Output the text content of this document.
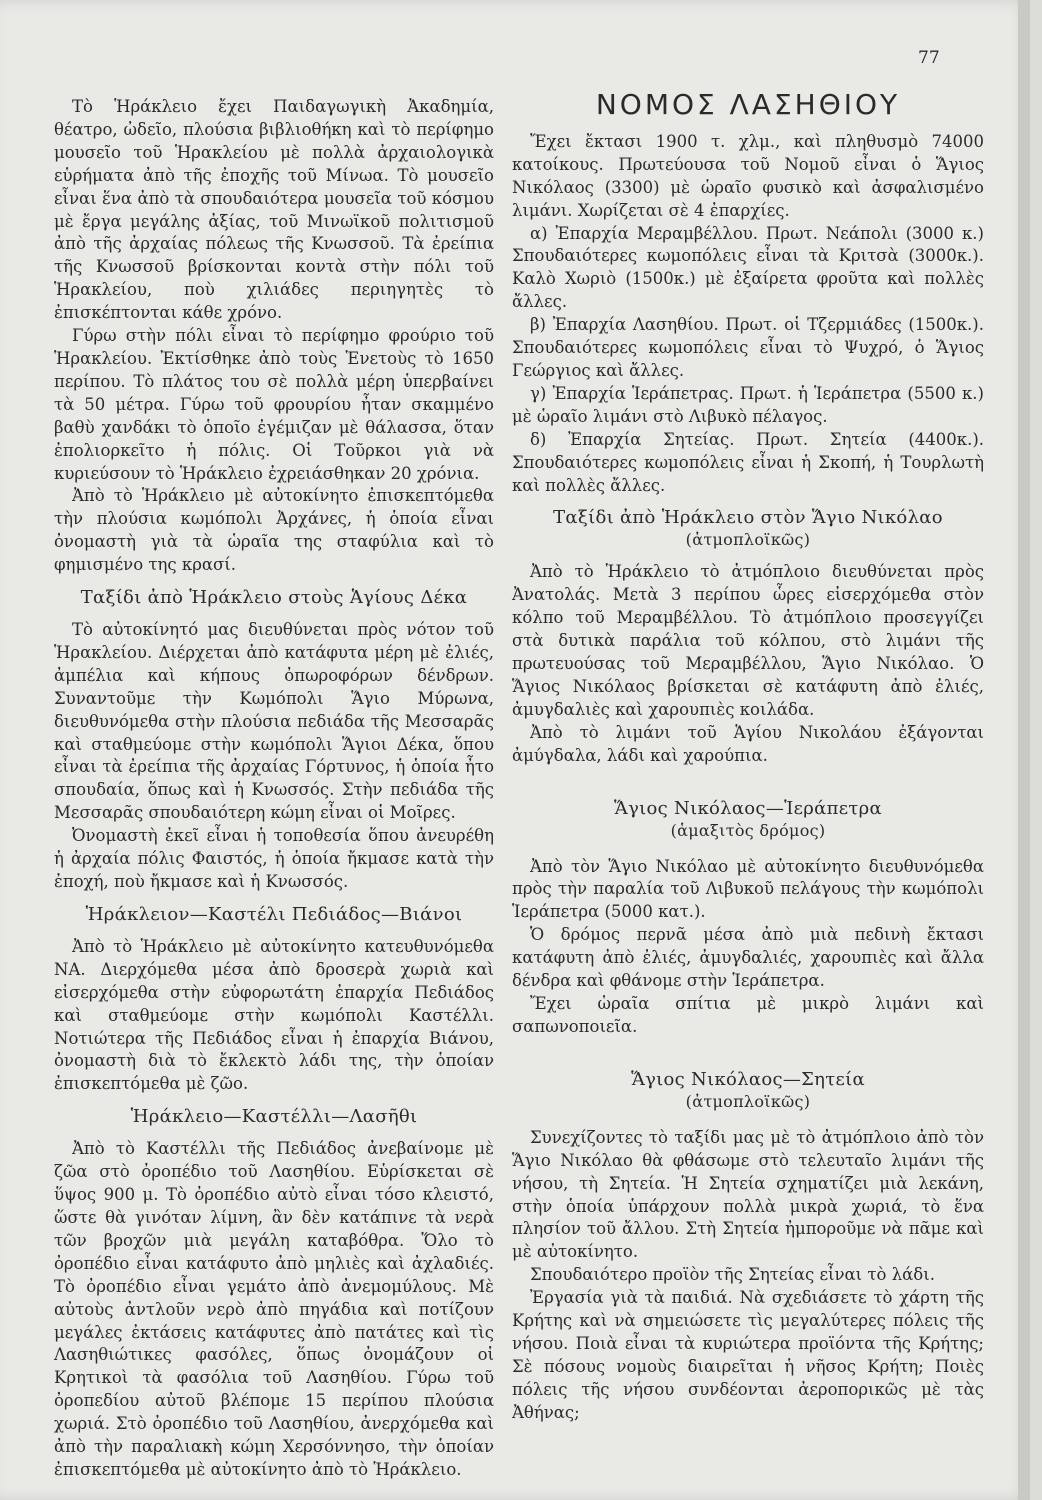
77

Τὸ Ἡράκλειο ἔχει Παιδαγωγικὴ Ἀκαδημία, θέατρο, ὠδεῖο, πλούσια βιβλιοθήκη καὶ τὸ περίφημο μουσεῖο τοῦ Ἡρακλείου μὲ πολλὰ ἀρχαιολογικὰ εὑρήματα ἀπὸ τῆς ἐποχῆς τοῦ Μίνωα. Τὸ μουσεῖο εἶναι ἕνα ἀπὸ τὰ σπουδαιότερα μουσεῖα τοῦ κόσμου μὲ ἔργα μεγάλης ἀξίας, τοῦ Μινωϊκοῦ πολιτισμοῦ ἀπὸ τῆς ἀρχαίας πόλεως τῆς Κνωσσοῦ. Τὰ ἐρείπια τῆς Κνωσσοῦ βρίσκονται κοντὰ στὴν πόλι τοῦ Ἡρακλείου, ποὺ χιλιάδες περιηγητὲς τὸ ἐπισκέπτονται κάθε χρόνο.

Γύρω στὴν πόλι εἶναι τὸ περίφημο φρούριο τοῦ Ἡρακλείου. Ἐκτίσθηκε ἀπὸ τοὺς Ἑνετοὺς τὸ 1650 περίπου. Τὸ πλάτος του σὲ πολλὰ μέρη ὑπερβαίνει τὰ 50 μέτρα. Γύρω τοῦ φρουρίου ἦταν σκαμμένο βαθὺ χανδάκι τὸ ὁποῖο ἐγέμιζαν μὲ θάλασσα, ὅταν ἐπολιορκεῖτο ἡ πόλις. Οἱ Τοῦρκοι γιὰ νὰ κυριεύσουν τὸ Ἡράκλειο ἐχρειάσθηκαν 20 χρόνια.

Ἀπὸ τὸ Ἡράκλειο μὲ αὐτοκίνητο ἐπισκεπτόμεθα τὴν πλούσια κωμόπολι Ἀρχάνες, ἡ ὁποία εἶναι ὀνομαστὴ γιὰ τὰ ὡραῖα της σταφύλια καὶ τὸ φημισμένο της κρασί.

Ταξίδι ἀπὸ Ἡράκλειο στοὺς Ἁγίους Δέκα

Τὸ αὐτοκίνητό μας διευθύνεται πρὸς νότον τοῦ Ἡρακλείου. Διέρχεται ἀπὸ κατάφυτα μέρη μὲ ἐλιές, ἀμπέλια καὶ κήπους ὀπωροφόρων δένδρων. Συναντοῦμε τὴν Κωμόπολι Ἅγιο Μύρωνα, διευθυνόμεθα στὴν πλούσια πεδιάδα τῆς Μεσσαρᾶς καὶ σταθμεύομε στὴν κωμόπολι Ἅγιοι Δέκα, ὅπου εἶναι τὰ ἐρείπια τῆς ἀρχαίας Γόρτυνος, ἡ ὁποία ἦτο σπουδαία, ὅπως καὶ ἡ Κνωσσός. Στὴν πεδιάδα τῆς Μεσσαρᾶς σπουδαιότερη κώμη εἶναι οἱ Μοῖρες.

Ὀνομαστὴ ἐκεῖ εἶναι ἡ τοποθεσία ὅπου ἀνευρέθη ἡ ἀρχαία πόλις Φαιστός, ἡ ὁποία ἤκμασε κατὰ τὴν ἐποχή, ποὺ ἤκμασε καὶ ἡ Κνωσσός.

Ἡράκλειον—Καστέλι Πεδιάδος—Βιάνοι

Ἀπὸ τὸ Ἡράκλειο μὲ αὐτοκίνητο κατευθυνόμεθα ΝΑ. Διερχόμεθα μέσα ἀπὸ δροσερὰ χωριὰ καὶ εἰσερχόμεθα στὴν εὐφορωτάτη ἐπαρχία Πεδιάδος καὶ σταθμεύομε στὴν κωμόπολι Καστέλλι. Νοτιώτερα τῆς Πεδιάδος εἶναι ἡ ἐπαρχία Βιάνου, ὀνομαστὴ διὰ τὸ ἔκλεκτὸ λάδι της, τὴν ὁποίαν ἐπισκεπτόμεθα μὲ ζῶο.

Ἡράκλειο—Καστέλλι—Λασῆθι

Ἀπὸ τὸ Καστέλλι τῆς Πεδιάδος ἀνεβαίνομε μὲ ζῶα στὸ ὀροπέδιο τοῦ Λασηθίου. Εὑρίσκεται σὲ ὕψος 900 μ. Τὸ ὀροπέδιο αὐτὸ εἶναι τόσο κλειστό, ὥστε θὰ γινόταν λίμνη, ἂν δὲν κατάπινε τὰ νερὰ τῶν βροχῶν μιὰ μεγάλη καταβόθρα. Ὅλο τὸ ὀροπέδιο εἶναι κατάφυτο ἀπὸ μηλιὲς καὶ ἀχλαδιές. Τὸ ὀροπέδιο εἶναι γεμάτο ἀπὸ ἀνεμομύλους. Μὲ αὐτοὺς ἀντλοῦν νερὸ ἀπὸ πηγάδια καὶ ποτίζουν μεγάλες ἐκτάσεις κατάφυτες ἀπὸ πατάτες καὶ τὶς Λασηθιώτικες φασόλες, ὅπως ὀνομάζουν οἱ Κρητικοὶ τὰ φασόλια τοῦ Λασηθίου. Γύρω τοῦ ὀροπεδίου αὐτοῦ βλέπομε 15 περίπου πλούσια χωριά. Στὸ ὀροπέδιο τοῦ Λασηθίου, ἀνερχόμεθα καὶ ἀπὸ τὴν παραλιακὴ κώμη Χερσόννησο, τὴν ὁποίαν ἐπισκεπτόμεθα μὲ αὐτοκίνητο ἀπὸ τὸ Ἡράκλειο.

ΝΟΜΟΣ ΛΑΣΗΘΙΟΥ

Ἔχει ἔκτασι 1900 τ. χλμ., καὶ πληθυσμὸ 74000 κατοίκους. Πρωτεύουσα τοῦ Νομοῦ εἶναι ὁ Ἅγιος Νικόλαος (3300) μὲ ὡραῖο φυσικὸ καὶ ἀσφαλισμένο λιμάνι. Χωρίζεται σὲ 4 ἐπαρχίες.

α) Ἐπαρχία Μεραμβέλλου. Πρωτ. Νεάπολι (3000 κ.) Σπουδαιότερες κωμοπόλεις εἶναι τὰ Κριτσὰ (3000κ.). Καλὸ Χωριὸ (1500κ.) μὲ ἐξαίρετα φροῦτα καὶ πολλὲς ἄλλες.

β) Ἐπαρχία Λασηθίου. Πρωτ. οἱ Τζερμιάδες (1500κ.). Σπουδαιότερες κωμοπόλεις εἶναι τὸ Ψυχρό, ὁ Ἅγιος Γεώργιος καὶ ἄλλες.

γ) Ἐπαρχία Ἱεράπετρας. Πρωτ. ἡ Ἱεράπετρα (5500 κ.) μὲ ὡραῖο λιμάνι στὸ Λιβυκὸ πέλαγος.

δ) Ἐπαρχία Σητείας. Πρωτ. Σητεία (4400κ.). Σπουδαιότερες κωμοπόλεις εἶναι ἡ Σκοπή, ἡ Τουρλωτὴ καὶ πολλὲς ἄλλες.

Ταξίδι ἀπὸ Ἡράκλειο στὸν Ἅγιο Νικόλαο
(ἀτμοπλοϊκῶς)

Ἀπὸ τὸ Ἡράκλειο τὸ ἀτμόπλοιο διευθύνεται πρὸς Ἀνατολάς. Μετὰ 3 περίπου ὧρες εἰσερχόμεθα στὸν κόλπο τοῦ Μεραμβέλλου. Τὸ ἀτμόπλοιο προσεγγίζει στὰ δυτικὰ παράλια τοῦ κόλπου, στὸ λιμάνι τῆς πρωτευούσας τοῦ Μεραμβέλλου, Ἅγιο Νικόλαο. Ὁ Ἅγιος Νικόλαος βρίσκεται σὲ κατάφυτη ἀπὸ ἐλιές, ἀμυγδαλιὲς καὶ χαρουπιὲς κοιλάδα.

Ἀπὸ τὸ λιμάνι τοῦ Ἁγίου Νικολάου ἐξάγονται ἀμύγδαλα, λάδι καὶ χαρούπια.

Ἅγιος Νικόλαος—Ἱεράπετρα
(ἁμαξιτὸς δρόμος)

Ἀπὸ τὸν Ἅγιο Νικόλαο μὲ αὐτοκίνητο διευθυνόμεθα πρὸς τὴν παραλία τοῦ Λιβυκοῦ πελάγους τὴν κωμόπολι Ἱεράπετρα (5000 κατ.).

Ὁ δρόμος περνᾶ μέσα ἀπὸ μιὰ πεδινὴ ἔκτασι κατάφυτη ἀπὸ ἐλιές, ἀμυγδαλιές, χαρουπιὲς καὶ ἄλλα δένδρα καὶ φθάνομε στὴν Ἱεράπετρα.

Ἔχει ὡραῖα σπίτια μὲ μικρὸ λιμάνι καὶ σαπωνοποιεῖα.

Ἅγιος Νικόλαος—Σητεία
(ἀτμοπλοϊκῶς)

Συνεχίζοντες τὸ ταξίδι μας μὲ τὸ ἀτμόπλοιο ἀπὸ τὸν Ἅγιο Νικόλαο θὰ φθάσωμε στὸ τελευταῖο λιμάνι τῆς νήσου, τὴ Σητεία. Ἡ Σητεία σχηματίζει μιὰ λεκάνη, στὴν ὁποία ὑπάρχουν πολλὰ μικρὰ χωριά, τὸ ἕνα πλησίον τοῦ ἄλλου. Στὴ Σητεία ἠμποροῦμε νὰ πᾶμε καὶ μὲ αὐτοκίνητο.

Σπουδαιότερο προϊὸν τῆς Σητείας εἶναι τὸ λάδι.

Ἐργασία γιὰ τὰ παιδιά. Νὰ σχεδιάσετε τὸ χάρτη τῆς Κρήτης καὶ νὰ σημειώσετε τὶς μεγαλύτερες πόλεις τῆς νήσου. Ποιὰ εἶναι τὰ κυριώτερα προϊόντα τῆς Κρήτης; Σὲ πόσους νομοὺς διαιρεῖται ἡ νῆσος Κρήτη; Ποιὲς πόλεις τῆς νήσου συνδέονται ἀεροπορικῶς μὲ τὰς Ἀθήνας;
